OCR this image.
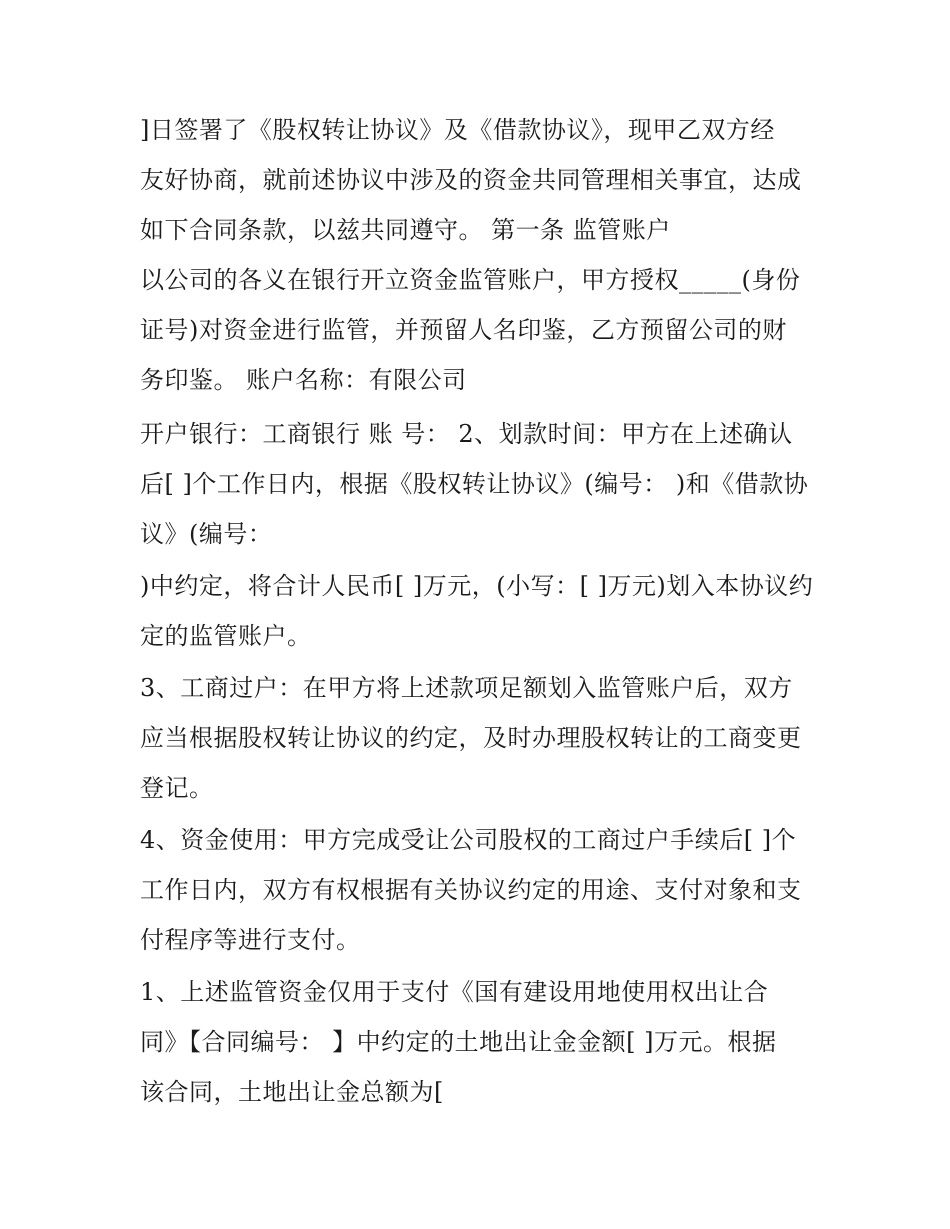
]日签署了《股权转让协议》及《借款协议》，现甲乙双方经
友好协商，就前述协议中涉及的资金共同管理相关事宜，达成
如下合同条款，以兹共同遵守。 第一条 监管账户
以公司的各义在银行开立资金监管账户，甲方授权_____(身份
证号)对资金进行监管，并预留人名印鉴，乙方预留公司的财
务印鉴。 账户名称：有限公司
开户银行：工商银行 账 号： 2、划款时间：甲方在上述确认
后[ ]个工作日内，根据《股权转让协议》(编号： )和《借款协
议》(编号：
)中约定，将合计人民币[ ]万元，(小写：[ ]万元)划入本协议约
定的监管账户。
3、工商过户：在甲方将上述款项足额划入监管账户后，双方
应当根据股权转让协议的约定，及时办理股权转让的工商变更
登记。
4、资金使用：甲方完成受让公司股权的工商过户手续后[ ]个
工作日内，双方有权根据有关协议约定的用途、支付对象和支
付程序等进行支付。
1、上述监管资金仅用于支付《国有建设用地使用权出让合
同》【合同编号： 】中约定的土地出让金金额[ ]万元。根据
该合同，土地出让金总额为[
